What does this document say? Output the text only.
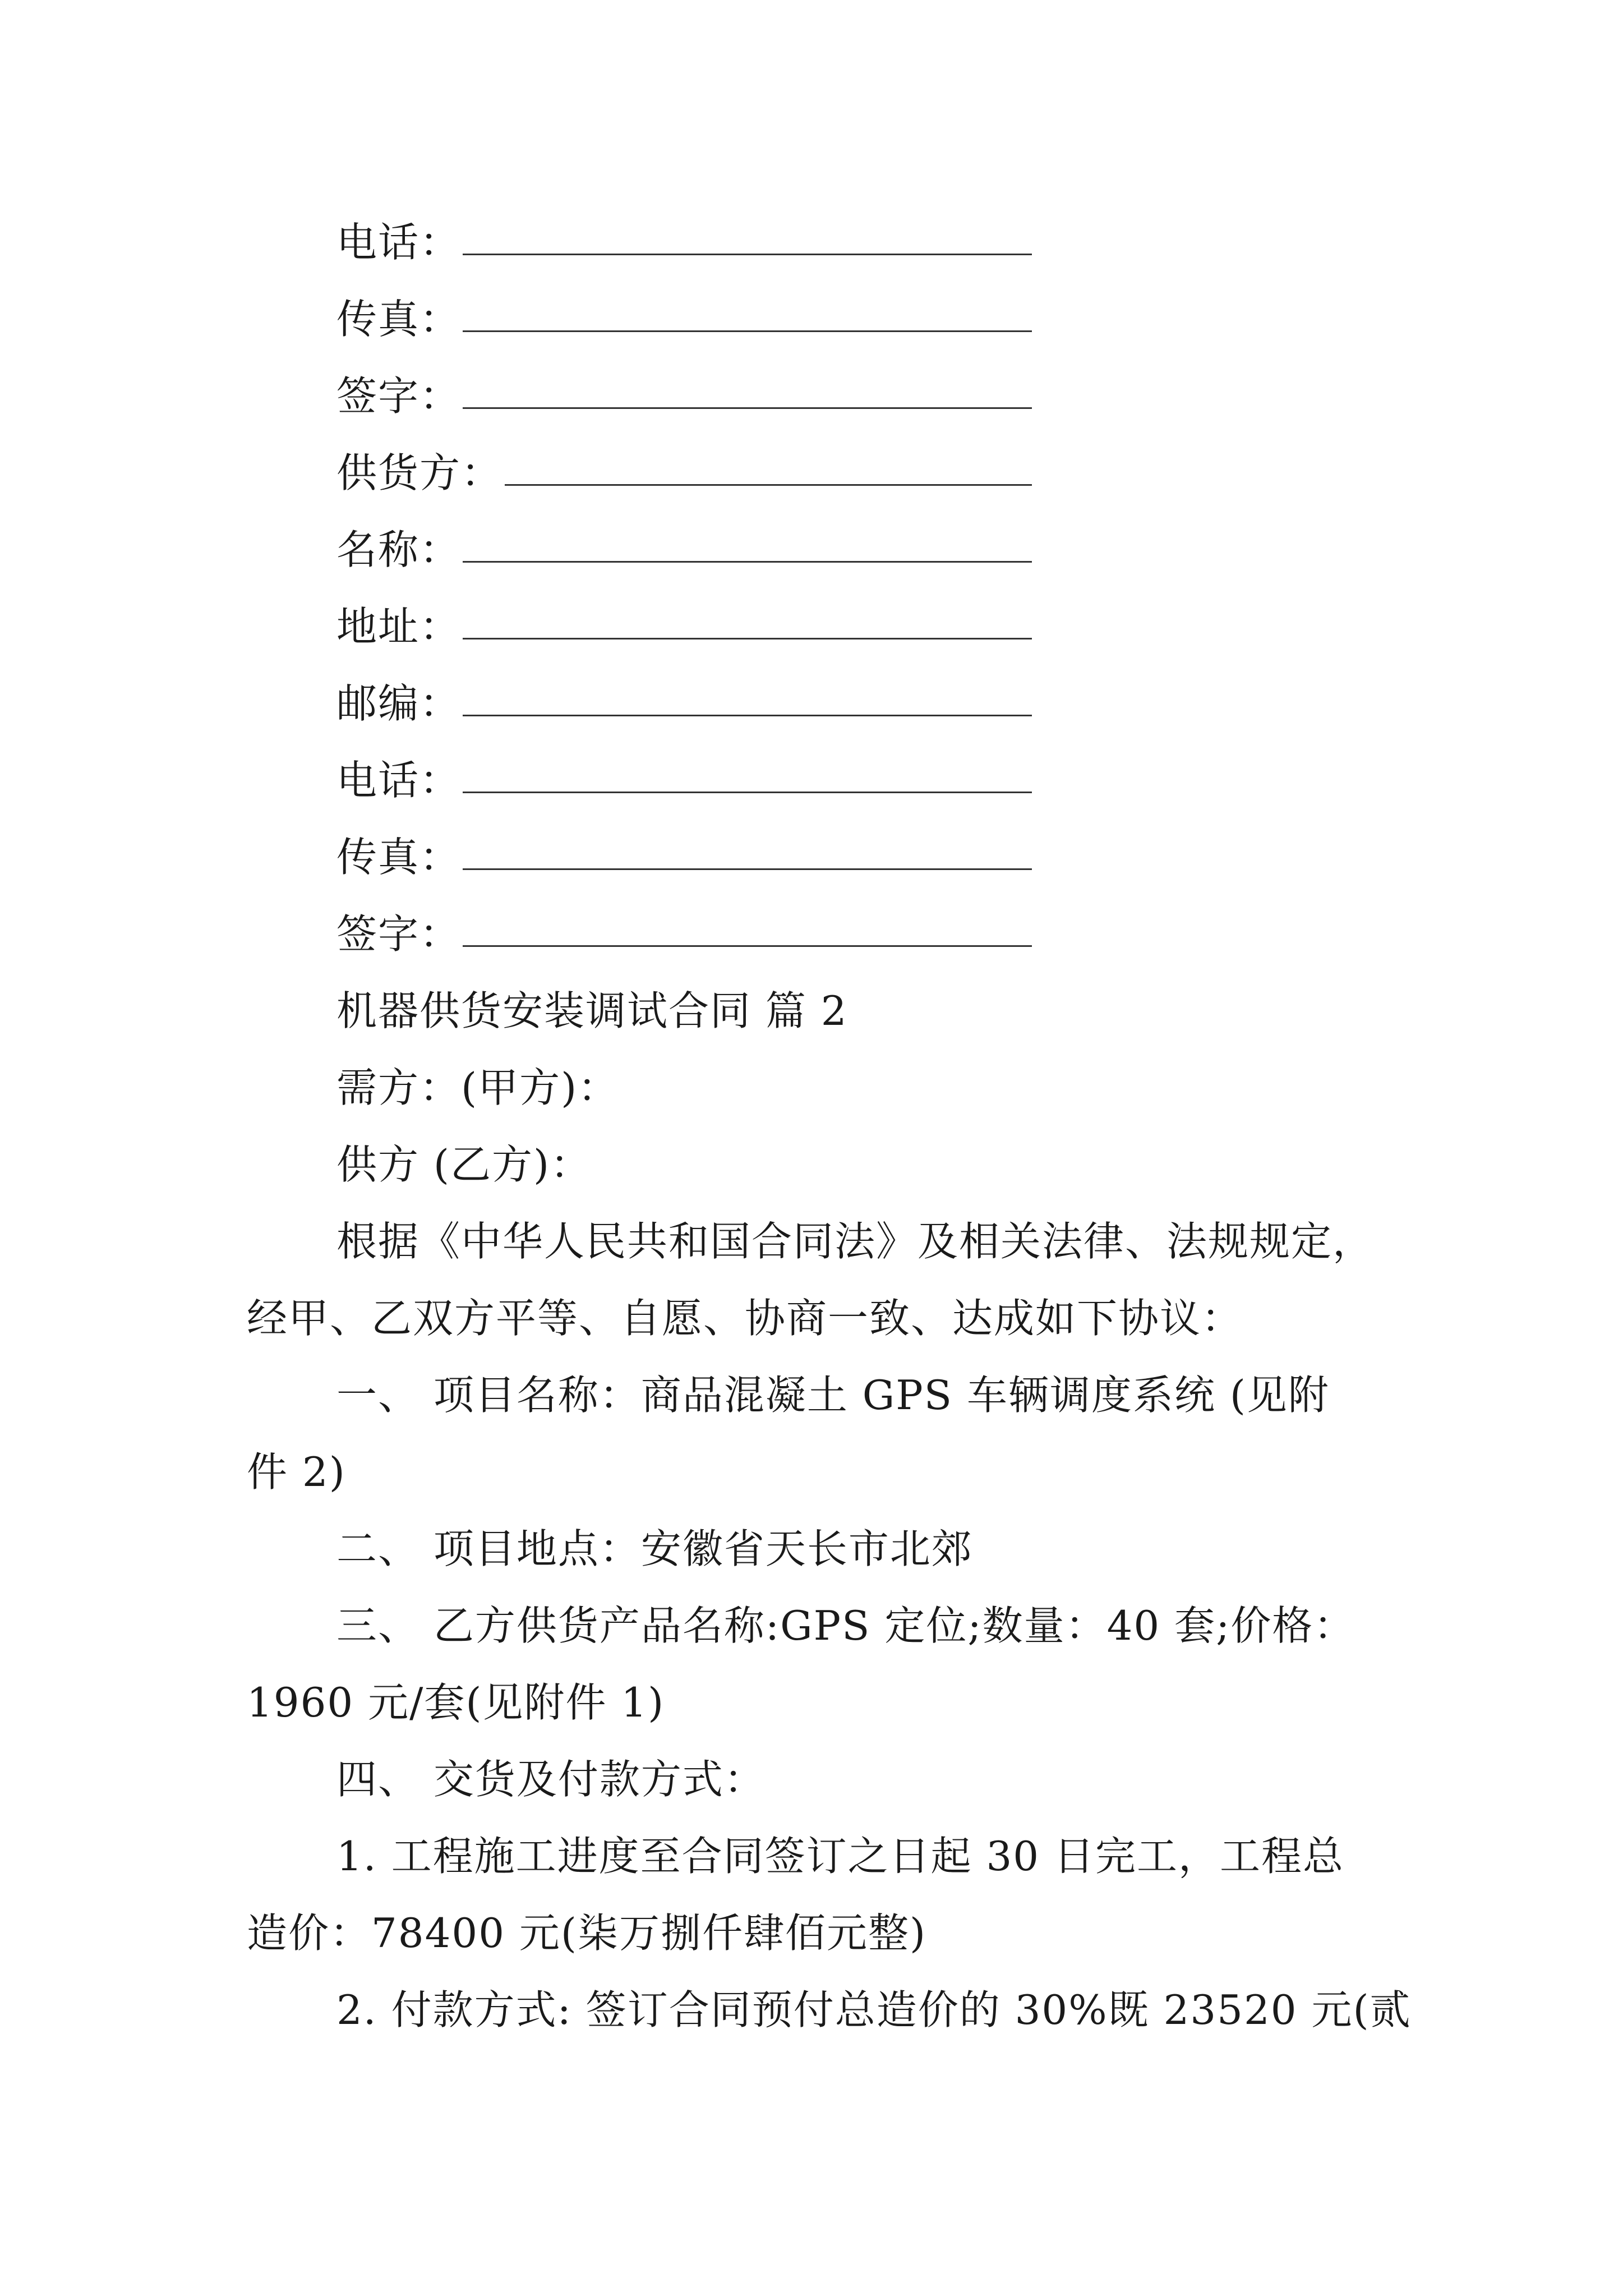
电话：
传真：
签字：
供货方：
名称：
地址：
邮编：
电话：
传真：
签字：
机器供货安装调试合同 篇 2
需方：(甲方)：
供方 (乙方)：
根据《中华人民共和国合同法》及相关法律、法规规定，
经甲、乙双方平等、自愿、协商一致、达成如下协议：
一、 项目名称：商品混凝土 GPS 车辆调度系统 (见附
件 2)
二、 项目地点：安徽省天长市北郊
三、 乙方供货产品名称:GPS 定位;数量：40 套;价格：
1960 元/套(见附件 1)
四、 交货及付款方式：
1. 工程施工进度至合同签订之日起 30 日完工，工程总
造价：78400 元(柒万捌仟肆佰元整)
2. 付款方式: 签订合同预付总造价的 30%既 23520 元(贰
